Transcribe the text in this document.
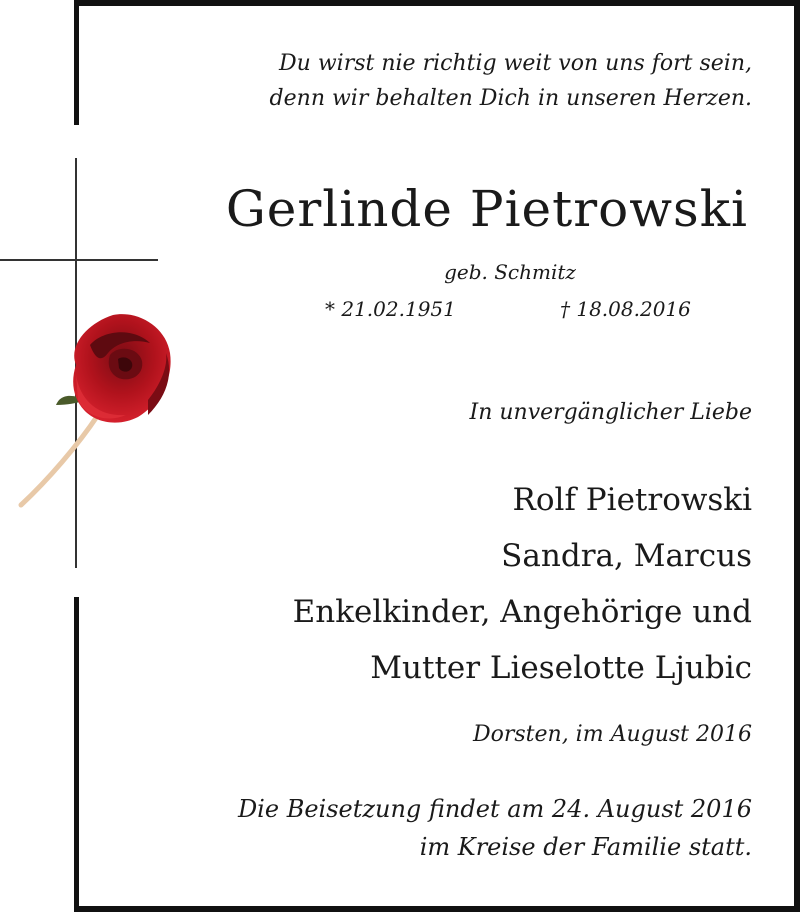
Du wirst nie richtig weit von uns fort sein,
denn wir behalten Dich in unseren Herzen.
Gerlinde Pietrowski
geb. Schmitz
* 21.02.1951	† 18.08.2016
In unvergänglicher Liebe
Rolf Pietrowski
Sandra, Marcus
Enkelkinder, Angehörige und
Mutter Lieselotte Ljubic
Dorsten, im August 2016
Die Beisetzung findet am 24. August 2016
im Kreise der Familie statt.
